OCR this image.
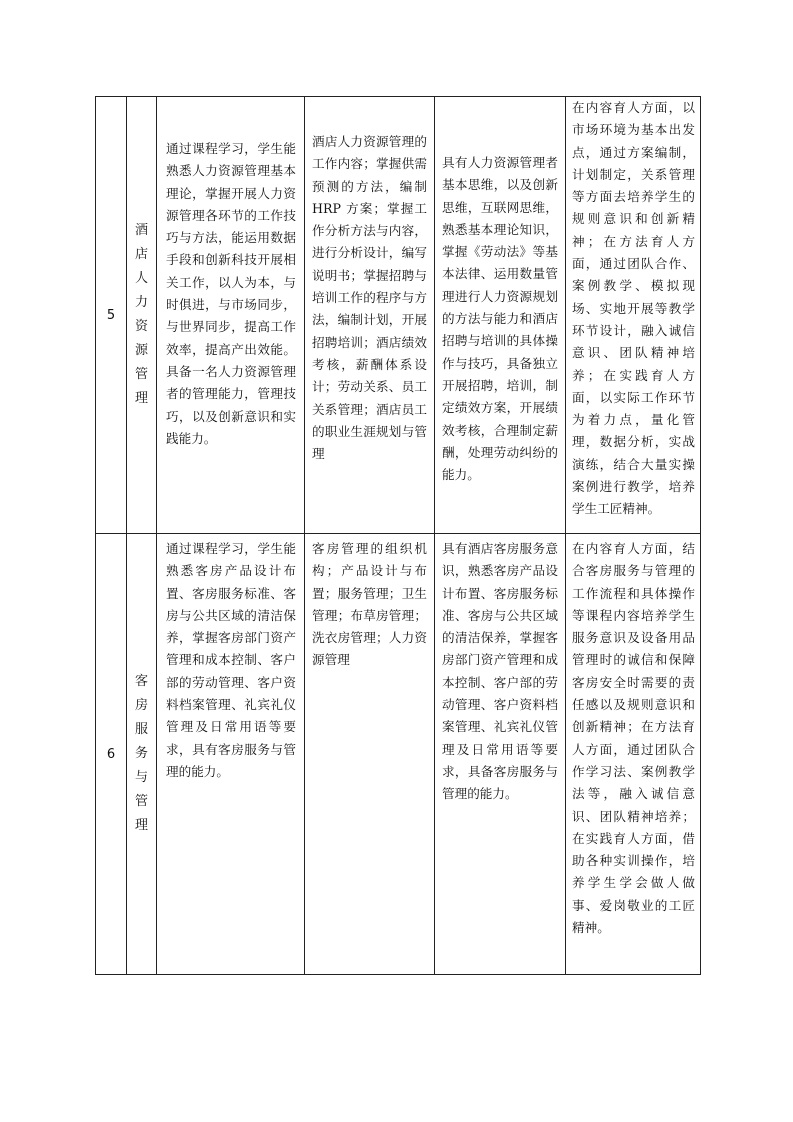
5	酒店人力资源管理	通过课程学习，学生能熟悉人力资源管理基本理论，掌握开展人力资源管理各环节的工作技巧与方法，能运用数据手段和创新科技开展相关工作，以人为本，与时俱进，与市场同步，与世界同步，提高工作效率，提高产出效能。具备一名人力资源管理者的管理能力，管理技巧，以及创新意识和实践能力。	酒店人力资源管理的工作内容；掌握供需预测的方法，编制 HRP 方案；掌握工作分析方法与内容，进行分析设计，编写说明书；掌握招聘与培训工作的程序与方法，编制计划，开展招聘培训；酒店绩效考核，薪酬体系设计；劳动关系、员工关系管理；酒店员工的职业生涯规划与管理	具有人力资源管理者基本思维，以及创新思维，互联网思维，熟悉基本理论知识，掌握《劳动法》等基本法律、运用数量管理进行人力资源规划的方法与能力和酒店招聘与培训的具体操作与技巧，具备独立开展招聘，培训，制定绩效方案，开展绩效考核，合理制定薪酬，处理劳动纠纷的能力。	在内容育人方面，以市场环境为基本出发点，通过方案编制，计划制定，关系管理等方面去培养学生的规则意识和创新精神；在方法育人方面，通过团队合作、案例教学、模拟现场、实地开展等教学环节设计，融入诚信意识、团队精神培养；在实践育人方面，以实际工作环节为着力点，量化管理，数据分析，实战演练，结合大量实操案例进行教学，培养学生工匠精神。

6	客房服务与管理	通过课程学习，学生能熟悉客房产品设计布置、客房服务标准、客房与公共区域的清洁保养，掌握客房部门资产管理和成本控制、客户部的劳动管理、客户资料档案管理、礼宾礼仪管理及日常用语等要求，具有客房服务与管理的能力。	客房管理的组织机构；产品设计与布置；服务管理；卫生管理；布草房管理；洗衣房管理；人力资源管理	具有酒店客房服务意识，熟悉客房产品设计布置、客房服务标准、客房与公共区域的清洁保养，掌握客房部门资产管理和成本控制、客户部的劳动管理、客户资料档案管理、礼宾礼仪管理及日常用语等要求，具备客房服务与管理的能力。	在内容育人方面，结合客房服务与管理的工作流程和具体操作等课程内容培养学生服务意识及设备用品管理时的诚信和保障客房安全时需要的责任感以及规则意识和创新精神；在方法育人方面，通过团队合作学习法、案例教学法等，融入诚信意识、团队精神培养；在实践育人方面，借助各种实训操作，培养学生学会做人做事、爱岗敬业的工匠精神。
